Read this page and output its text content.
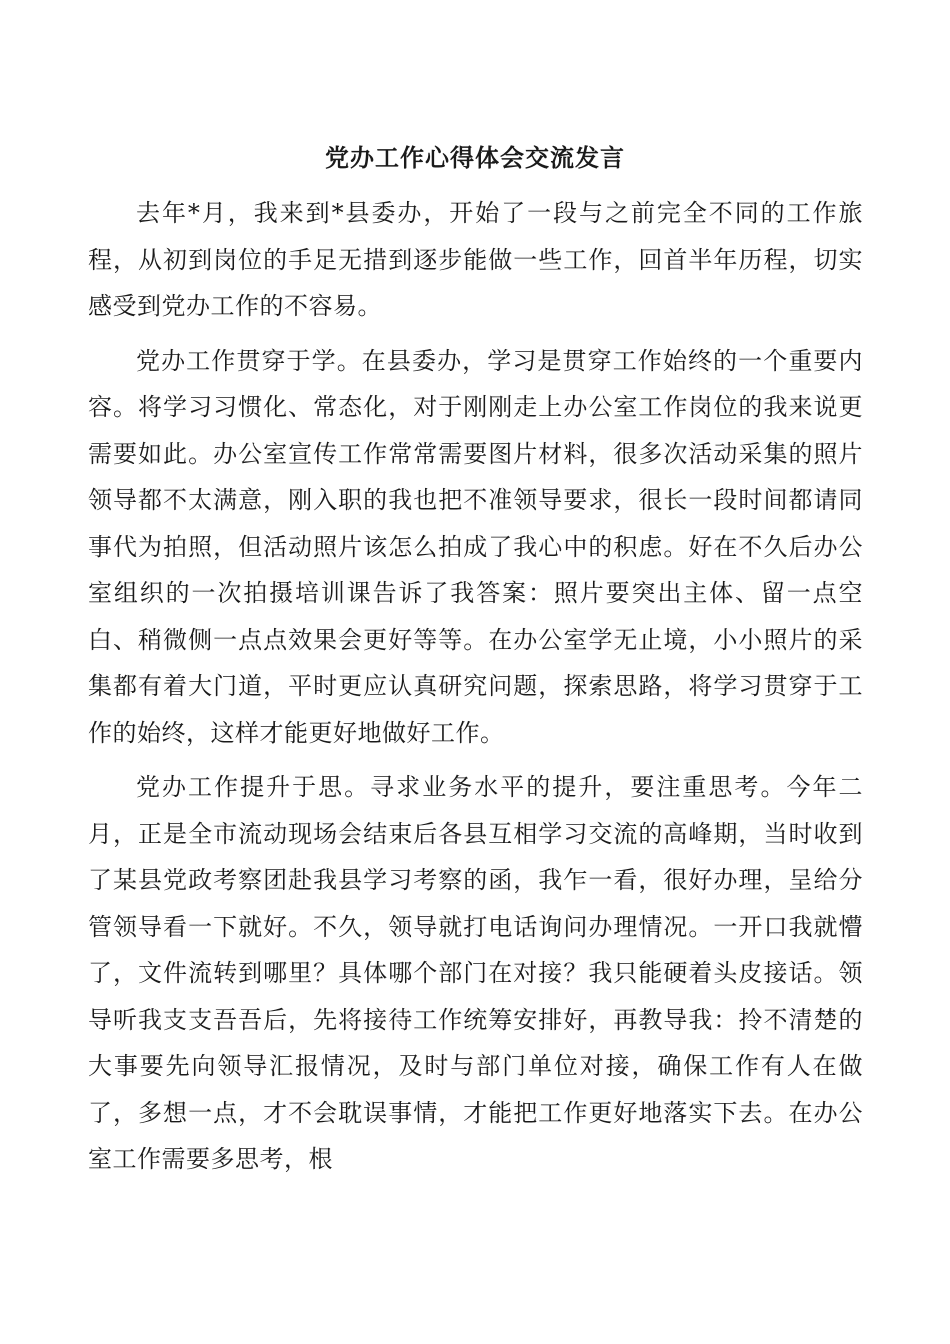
党办工作心得体会交流发言

去年*月，我来到*县委办，开始了一段与之前完全不同的工作旅程，从初到岗位的手足无措到逐步能做一些工作，回首半年历程，切实感受到党办工作的不容易。

党办工作贯穿于学。在县委办，学习是贯穿工作始终的一个重要内容。将学习习惯化、常态化，对于刚刚走上办公室工作岗位的我来说更需要如此。办公室宣传工作常常需要图片材料，很多次活动采集的照片领导都不太满意，刚入职的我也把不准领导要求，很长一段时间都请同事代为拍照，但活动照片该怎么拍成了我心中的积虑。好在不久后办公室组织的一次拍摄培训课告诉了我答案：照片要突出主体、留一点空白、稍微侧一点点效果会更好等等。在办公室学无止境，小小照片的采集都有着大门道，平时更应认真研究问题，探索思路，将学习贯穿于工作的始终，这样才能更好地做好工作。

党办工作提升于思。寻求业务水平的提升，要注重思考。今年二月，正是全市流动现场会结束后各县互相学习交流的高峰期，当时收到了某县党政考察团赴我县学习考察的函，我乍一看，很好办理，呈给分管领导看一下就好。不久，领导就打电话询问办理情况。一开口我就懵了，文件流转到哪里？具体哪个部门在对接？我只能硬着头皮接话。领导听我支支吾吾后，先将接待工作统筹安排好，再教导我：拎不清楚的大事要先向领导汇报情况，及时与部门单位对接，确保工作有人在做了，多想一点，才不会耽误事情，才能把工作更好地落实下去。在办公室工作需要多思考，根
